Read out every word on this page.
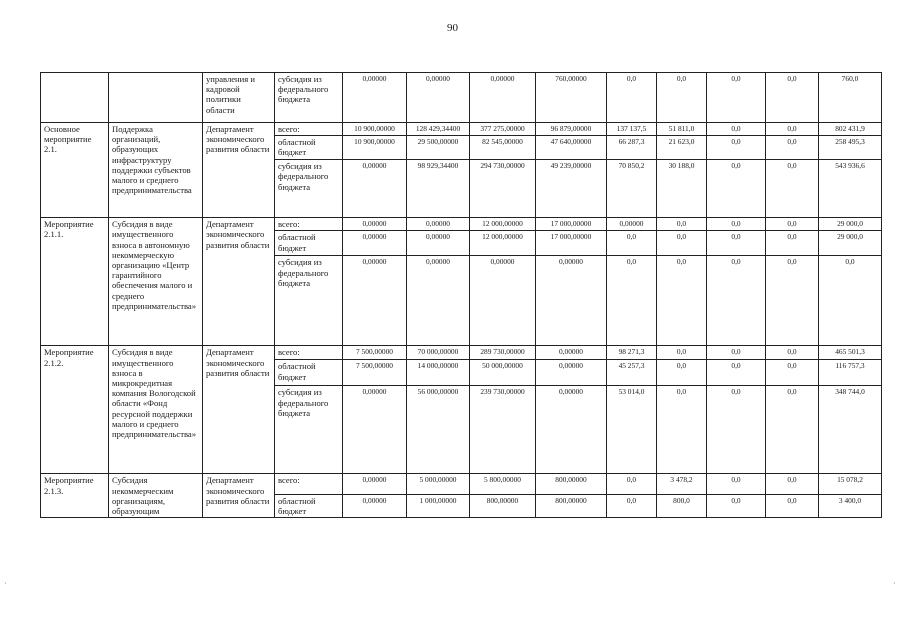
90
		управления и кадровой политики области	субсидия из федерального бюджета	0,00000	0,00000	0,00000	760,00000	0,0	0,0	0,0	0,0	760,0
Основное мероприятие 2.1.	Поддержка организаций, образующих инфраструктуру поддержки субъектов малого и среднего предпринимательства	Департамент экономического развития области	всего:	10 900,00000	128 429,34400	377 275,00000	96 879,00000	137 137,5	51 811,0	0,0	0,0	802 431,9
			областной бюджет	10 900,00000	29 500,00000	82 545,00000	47 640,00000	66 287,3	21 623,0	0,0	0,0	258 495,3
			субсидия из федерального бюджета	0,00000	98 929,34400	294 730,00000	49 239,00000	70 850,2	30 188,0	0,0	0,0	543 936,6
Мероприятие 2.1.1.	Субсидия в виде имущественного взноса в автономную некоммерческую организацию «Центр гарантийного обеспечения малого и среднего предпринимательства»	Департамент экономического развития области	всего:	0,00000	0,00000	12 000,00000	17 000,00000	0,00000	0,0	0,0	0,0	29 000,0
			областной бюджет	0,00000	0,00000	12 000,00000	17 000,00000	0,0	0,0	0,0	0,0	29 000,0
			субсидия из федерального бюджета	0,00000	0,00000	0,00000	0,00000	0,0	0,0	0,0	0,0	0,0
Мероприятие 2.1.2.	Субсидия в виде имущественного взноса в микрокредитная компания Вологодской области «Фонд ресурсной поддержки малого и среднего предпринимательства»	Департамент экономического развития области	всего:	7 500,00000	70 000,00000	289 730,00000	0,00000	98 271,3	0,0	0,0	0,0	465 501,3
			областной бюджет	7 500,00000	14 000,00000	50 000,00000	0,00000	45 257,3	0,0	0,0	0,0	116 757,3
			субсидия из федерального бюджета	0,00000	56 000,00000	239 730,00000	0,00000	53 014,0	0,0	0,0	0,0	348 744,0
Мероприятие 2.1.3.	Субсидия некоммерческим организациям, образующим	Департамент экономического развития области	всего:	0,00000	5 000,00000	5 800,00000	800,00000	0,0	3 478,2	0,0	0,0	15 078,2
			областной бюджет	0,00000	1 000,00000	800,00000	800,00000	0,0	800,0	0,0	0,0	3 400,0
·	·
